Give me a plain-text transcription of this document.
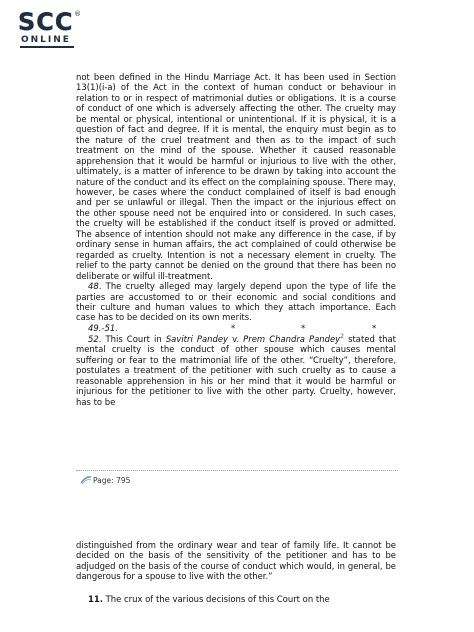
SCC ®
ONLINE

not been defined in the Hindu Marriage Act. It has been used in Section 13(1)(i-a) of the Act in the context of human conduct or behaviour in relation to or in respect of matrimonial duties or obligations. It is a course of conduct of one which is adversely affecting the other. The cruelty may be mental or physical, intentional or unintentional. If it is physical, it is a question of fact and degree. If it is mental, the enquiry must begin as to the nature of the cruel treatment and then as to the impact of such treatment on the mind of the spouse. Whether it caused reasonable apprehension that it would be harmful or injurious to live with the other, ultimately, is a matter of inference to be drawn by taking into account the nature of the conduct and its effect on the complaining spouse. There may, however, be cases where the conduct complained of itself is bad enough and per se unlawful or illegal. Then the impact or the injurious effect on the other spouse need not be enquired into or considered. In such cases, the cruelty will be established if the conduct itself is proved or admitted. The absence of intention should not make any difference in the case, if by ordinary sense in human affairs, the act complained of could otherwise be regarded as cruelty. Intention is not a necessary element in cruelty. The relief to the party cannot be denied on the ground that there has been no deliberate or wilful ill-treatment.

48. The cruelty alleged may largely depend upon the type of life the parties are accustomed to or their economic and social conditions and their culture and human values to which they attach importance. Each case has to be decided on its own merits.

49.-51.	*	*	*

52. This Court in Savitri Pandey v. Prem Chandra Pandey$^2$ stated that mental cruelty is the conduct of other spouse which causes mental suffering or fear to the matrimonial life of the other. “Cruelty”, therefore, postulates a treatment of the petitioner with such cruelty as to cause a reasonable apprehension in his or her mind that it would be harmful or injurious for the petitioner to live with the other party. Cruelty, however, has to be

Page: 795

distinguished from the ordinary wear and tear of family life. It cannot be decided on the basis of the sensitivity of the petitioner and has to be adjudged on the basis of the course of conduct which would, in general, be dangerous for a spouse to live with the other.”

11. The crux of the various decisions of this Court on the
